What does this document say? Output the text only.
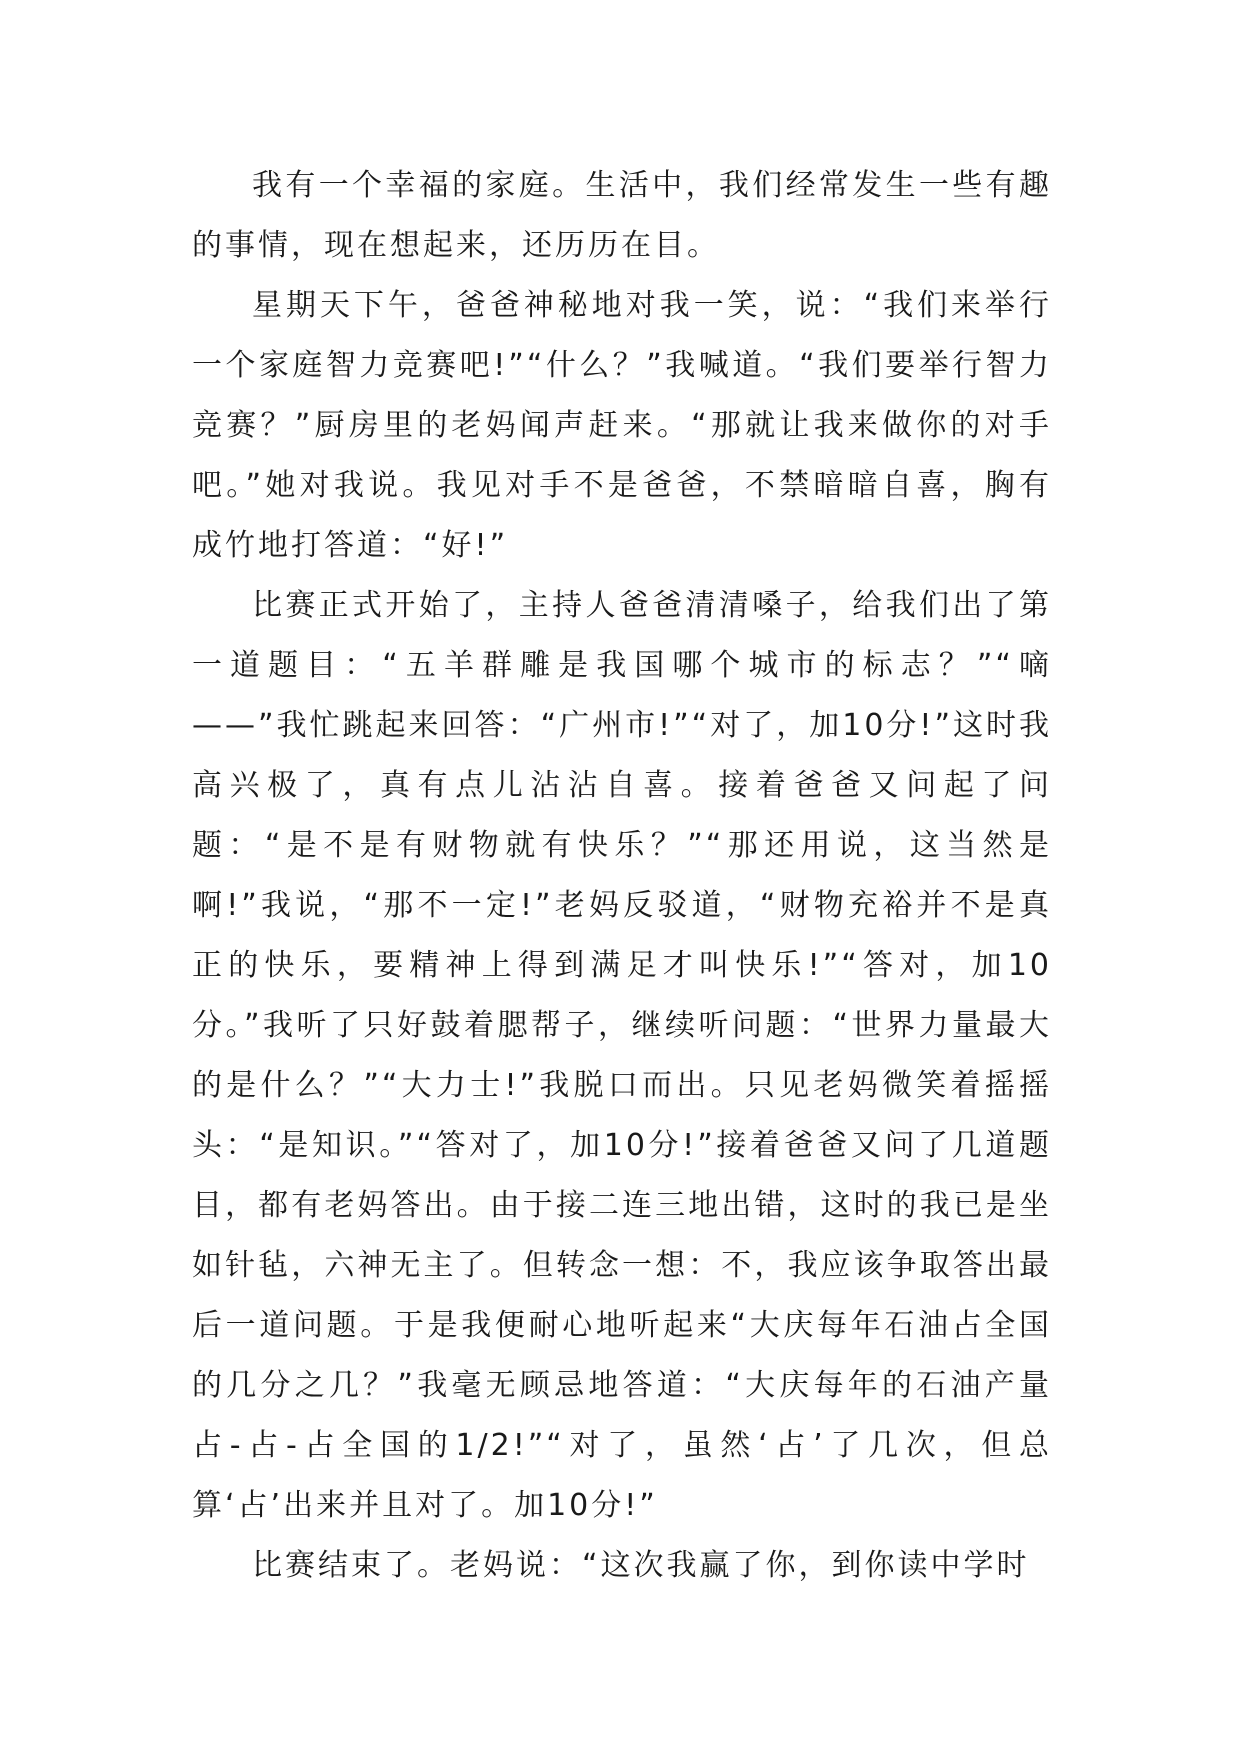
我有一个幸福的家庭。生活中，我们经常发生一些有趣的事情，现在想起来，还历历在目。

星期天下午，爸爸神秘地对我一笑，说：“我们来举行一个家庭智力竞赛吧!”“什么？”我喊道。“我们要举行智力竞赛？”厨房里的老妈闻声赶来。“那就让我来做你的对手吧。”她对我说。我见对手不是爸爸，不禁暗暗自喜，胸有成竹地打答道：“好!”

比赛正式开始了，主持人爸爸清清嗓子，给我们出了第一道题目：“五羊群雕是我国哪个城市的标志？”“嘀——”我忙跳起来回答：“广州市!”“对了，加10分!”这时我高兴极了，真有点儿沾沾自喜。接着爸爸又问起了问题：“是不是有财物就有快乐？”“那还用说，这当然是啊!”我说，“那不一定!”老妈反驳道，“财物充裕并不是真正的快乐，要精神上得到满足才叫快乐!”“答对，加10分。”我听了只好鼓着腮帮子，继续听问题：“世界力量最大的是什么？”“大力士!”我脱口而出。只见老妈微笑着摇摇头：“是知识。”“答对了，加10分!”接着爸爸又问了几道题目，都有老妈答出。由于接二连三地出错，这时的我已是坐如针毡，六神无主了。但转念一想：不，我应该争取答出最后一道问题。于是我便耐心地听起来“大庆每年石油占全国的几分之几？”我毫无顾忌地答道：“大庆每年的石油产量占-占-占全国的1/2!”“对了，虽然‘占’了几次，但总算‘占’出来并且对了。加10分!”

比赛结束了。老妈说：“这次我赢了你，到你读中学时
